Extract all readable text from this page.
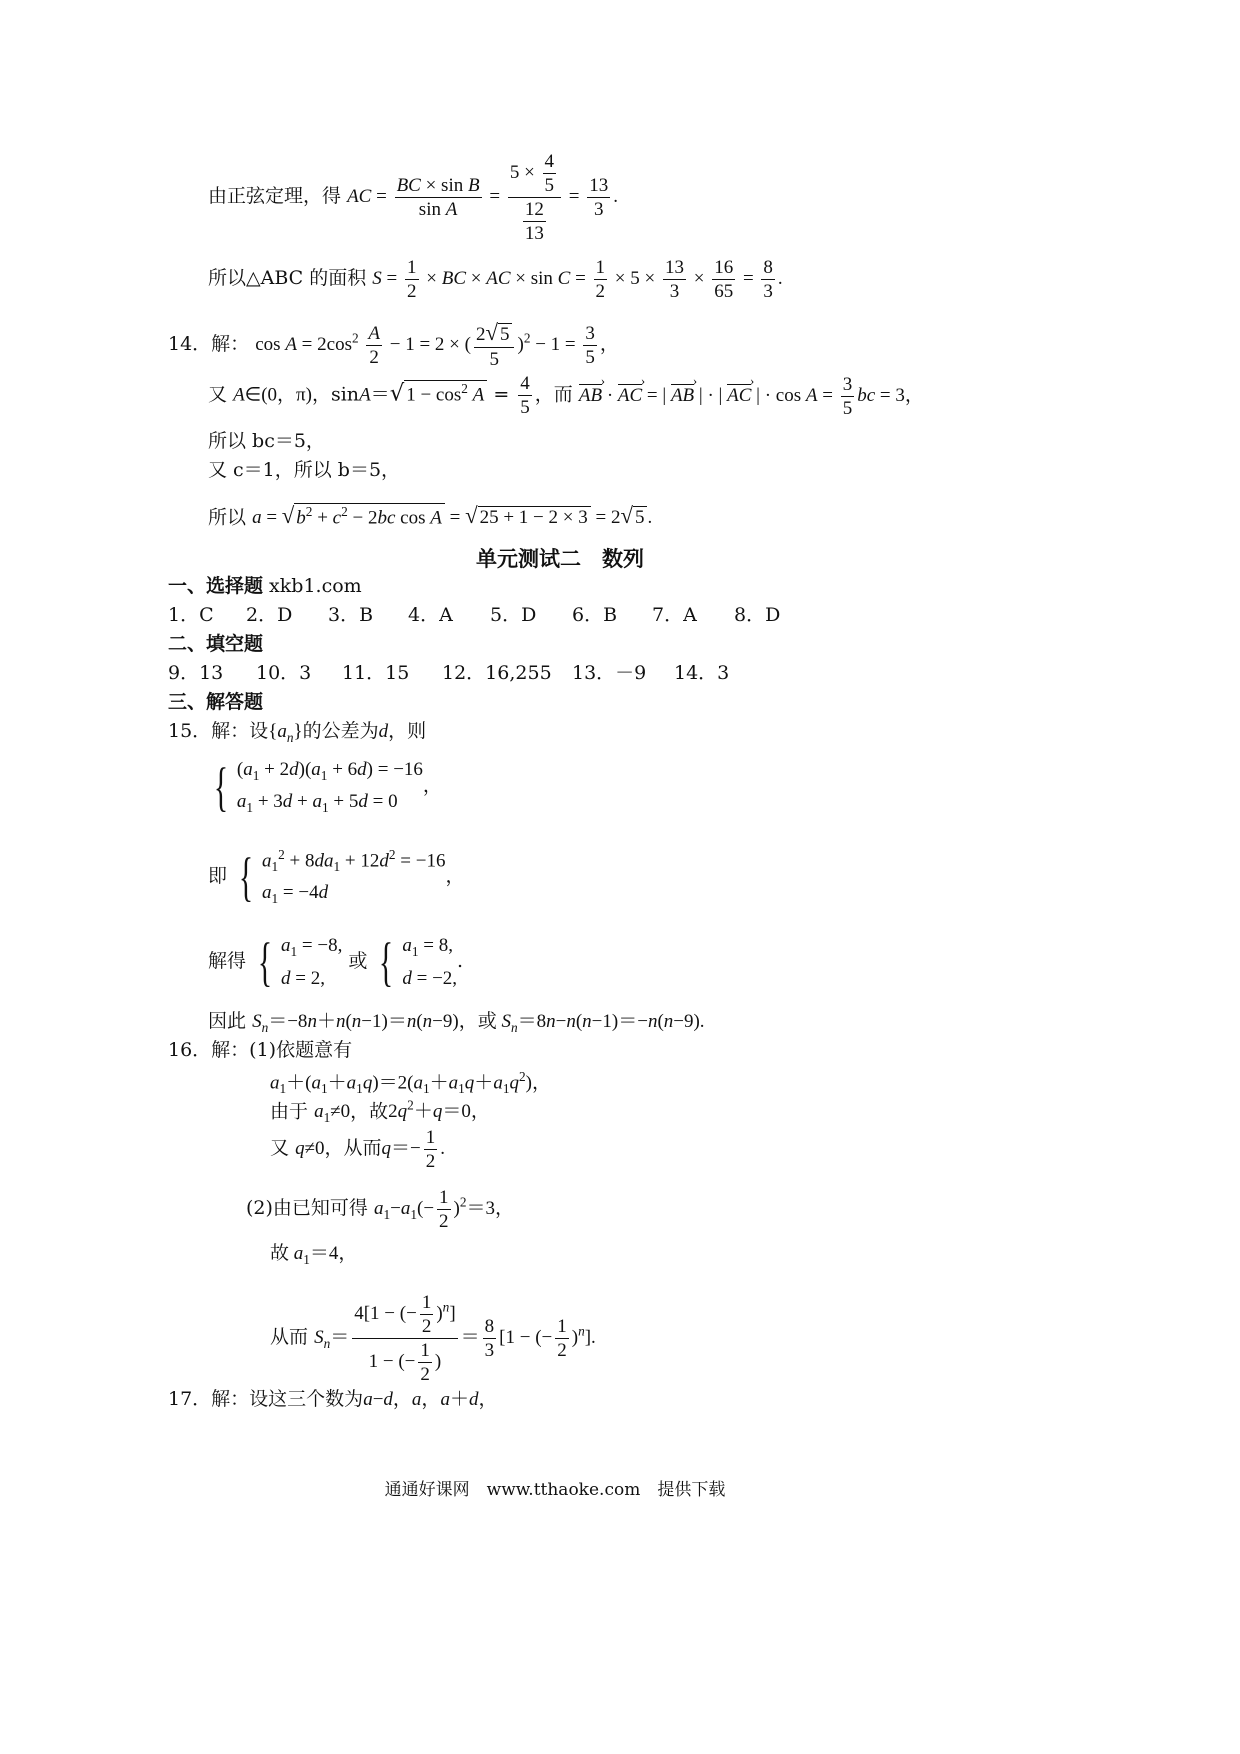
由正弦定理，得 AC = $\frac{\text{BC × sin B}}{\text{sin A}} = \frac{5 \times \frac{4}{5}}{\frac{12}{13}} = \frac{13}{3}$ .
所以△ABC 的面积 $S = \frac{1}{2}$ × BC × AC × $\sin C = \frac{1}{2} \times 5 \times \frac{13}{3} \times \frac{16}{65} = \frac{8}{3}$ .
14．解： $\cos A = 2\cos^2 \frac{A}{2} - 1 = 2$ × ( $\frac{2√ 5}{5} )^2 - 1 = \frac{3}{5}$ ，
又 A∈(0，π)，sinA＝√ $1 - \cos^2 A = \frac{4}{5}$ ，而 AB › · AC › = | AB › | · | AC › | · $\cos A = \frac{3}{5}$ bc = 3，
所以 bc＝5，
又 c＝1，所以 b＝5，
所以 a = √ $b^2 + c^2 - 2bc$ cos A = √ 25 + 1 − 2 × 3 = 2√ 5 .
单元测试二　数列
一、选择题 xkb1.com
1．C 2．D 3．B 4．A 5．D 6．B 7．A 8．D
二、填空题
9．13 10．3 11．15 12．16,255 13．－9 14．3
三、解答题
15．解：设$\{a_n\}$的公差为d，则
{ $(a_1 + 2d)(a_1 + 6d) = -16$
$a_1 + 3d + a_1 + 5d = 0$
，
即 { $a_1^2 + 8da_1 + 12d^2 = -16$
$a_1 = -4d$
，
解得 { $a_1 = -8$,
d = 2,
或 { $a_1 = 8$,
d = −2,
.
因此 $S_n=-8n+n(n-1)=n(n-9)$，或 $S_n=8n-n(n-1)=-n(n-9)$.
16．解：(1)依题意有
$a_1+(a_1+a_1q)=2(a_1+a_1q+a_1q^2)$，
由于 $a_1\ne 0$，故$2q^2+q=0$，
又 q≠0，从而$q=- \frac{1}{2}$ .
(2)由已知可得 $a_1-a_1(- \frac{1}{2} )^2=3$，
故 $a_1=4$，
从而 $S_n= \frac{4[1 - (- \frac{1}{2} )^n]}{1 - (- \frac{1}{2} )} = \frac{8}{3} [1$ − (− $\frac{1}{2} )^n$].
17．解：设这三个数为a−d，a，a＋d，
通通好课网　www.tthaoke.com　提供下载
